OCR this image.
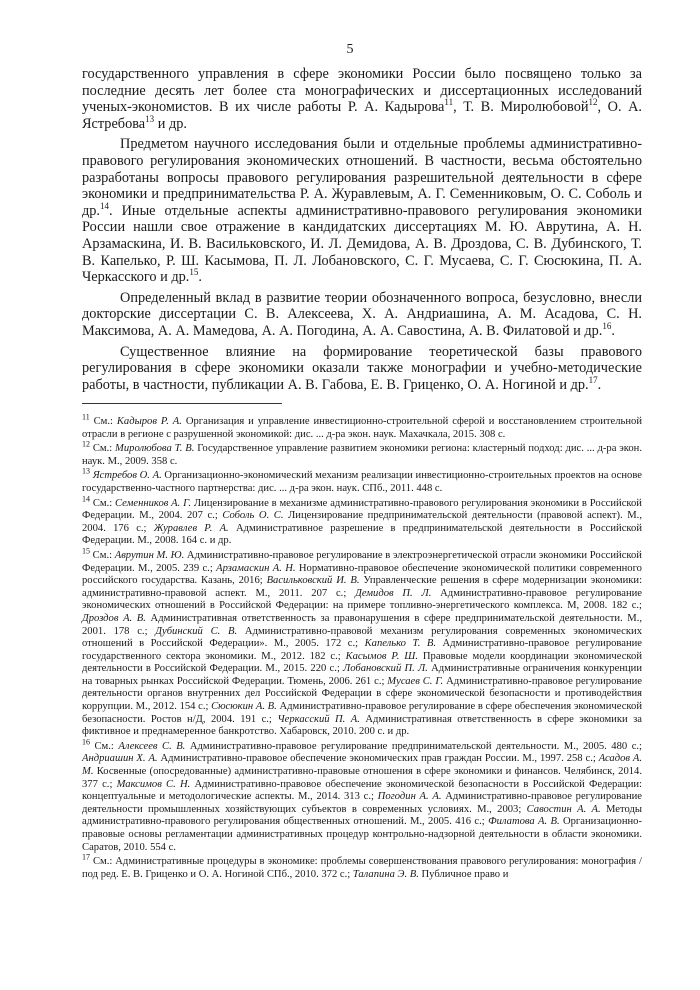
5

государственного управления в сфере экономики России было посвящено только за последние десять лет более ста монографических и диссертационных исследований ученых-экономистов. В их числе работы Р. А. Кадырова$^{11}$, Т. В. Миролюбовой$^{12}$, О. А. Ястребова$^{13}$ и др.

Предметом научного исследования были и отдельные проблемы административно-правового регулирования экономических отношений. В частности, весьма обстоятельно разработаны вопросы правового регулирования разрешительной деятельности в сфере экономики и предпринимательства Р. А. Журавлевым, А. Г. Семенниковым, О. С. Соболь и др.$^{14}$. Иные отдельные аспекты административно-правового регулирования экономики России нашли свое отражение в кандидатских диссертациях М. Ю. Аврутина, А. Н. Арзамаскина, И. В. Васильковского, И. Л. Демидова, А. В. Дроздова, С. В. Дубинского, Т. В. Капелько, Р. Ш. Касымова, П. Л. Лобановского, С. Г. Мусаева, С. Г. Сюсюкина, П. А. Черкасского и др.$^{15}$.

Определенный вклад в развитие теории обозначенного вопроса, безусловно, внесли докторские диссертации С. В. Алексеева, Х. А. Андриашина, А. М. Асадова, С. Н. Максимова, А. А. Мамедова, А. А. Погодина, А. А. Савостина, А. В. Филатовой и др.$^{16}$.

Существенное влияние на формирование теоретической базы правового регулирования в сфере экономики оказали также монографии и учебно-методические работы, в частности, публикации А. В. Габова, Е. В. Гриценко, О. А. Ногиной и др.$^{17}$.

$^{11}$ См.: Кадыров Р. А. Организация и управление инвестиционно-строительной сферой и восстановлением строительной отрасли в регионе с разрушенной экономикой: дис. ... д-ра экон. наук. Махачкала, 2015. 308 с.
$^{12}$ См.: Миролюбова Т. В. Государственное управление развитием экономики региона: кластерный подход: дис. ... д-ра экон. наук. М., 2009. 358 с.
$^{13}$ Ястребов О. А. Организационно-экономический механизм реализации инвестиционно-строительных проектов на основе государственно-частного партнерства: дис. ... д-ра экон. наук. СПб., 2011. 448 с.
$^{14}$ См.: Семенников А. Г. Лицензирование в механизме административно-правового регулирования экономики в Российской Федерации. М., 2004. 207 с.; Соболь О. С. Лицензирование предпринимательской деятельности (правовой аспект). М., 2004. 176 с.; Журавлев Р. А. Административное разрешение в предпринимательской деятельности в Российской Федерации. М., 2008. 164 с. и др.
$^{15}$ См.: Аврутин М. Ю. Административно-правовое регулирование в электроэнергетической отрасли экономики Российской Федерации. М., 2005. 239 с.; Арзамаскин А. Н. Нормативно-правовое обеспечение экономической политики современного российского государства. Казань, 2016; Васильковский И. В. Управленческие решения в сфере модернизации экономики: административно-правовой аспект. М., 2011. 207 с.; Демидов П. Л. Административно-правовое регулирование экономических отношений в Российской Федерации: на примере топливно-энергетического комплекса. М, 2008. 182 с.; Дроздов А. В. Административная ответственность за правонарушения в сфере предпринимательской деятельности. М., 2001. 178 с.; Дубинский С. В. Административно-правовой механизм регулирования современных экономических отношений в Российской Федерации». М., 2005. 172 с.; Капелько Т. В. Административно-правовое регулирование государственного сектора экономики. М., 2012. 182 с.; Касымов Р. Ш. Правовые модели координации экономической деятельности в Российской Федерации. М., 2015. 220 с.; Лобановский П. Л. Административные ограничения конкуренции на товарных рынках Российской Федерации. Тюмень, 2006. 261 с.; Мусаев С. Г. Административно-правовое регулирование деятельности органов внутренних дел Российской Федерации в сфере экономической безопасности и противодействия коррупции. М., 2012. 154 с.; Сюсюкин А. В. Административно-правовое регулирование в сфере обеспечения экономической безопасности. Ростов н/Д, 2004. 191 с.; Черкасский П. А. Административная ответственность в сфере экономики за фиктивное и преднамеренное банкротство. Хабаровск, 2010. 200 с. и др.
$^{16}$ См.: Алексеев С. В. Административно-правовое регулирование предпринимательской деятельности. М., 2005. 480 с.; Андриашин Х. А. Административно-правовое обеспечение экономических прав граждан России. М., 1997. 258 с.; Асадов А. М. Косвенные (опосредованные) административно-правовые отношения в сфере экономики и финансов. Челябинск, 2014. 377 с.; Максимов С. Н. Административно-правовое обеспечение экономической безопасности в Российской Федерации: концептуальные и методологические аспекты. М., 2014. 313 с.; Погодин А. А. Административно-правовое регулирование деятельности промышленных хозяйствующих субъектов в современных условиях. М., 2003; Савостин А. А. Методы административно-правового регулирования общественных отношений. М., 2005. 416 с.; Филатова А. В. Организационно-правовые основы регламентации административных процедур контрольно-надзорной деятельности в области экономики. Саратов, 2010. 554 с.
$^{17}$ См.: Административные процедуры в экономике: проблемы совершенствования правового регулирования: монография / под ред. Е. В. Гриценко и О. А. Ногиной СПб., 2010. 372 с.; Талапина Э. В. Публичное право и
